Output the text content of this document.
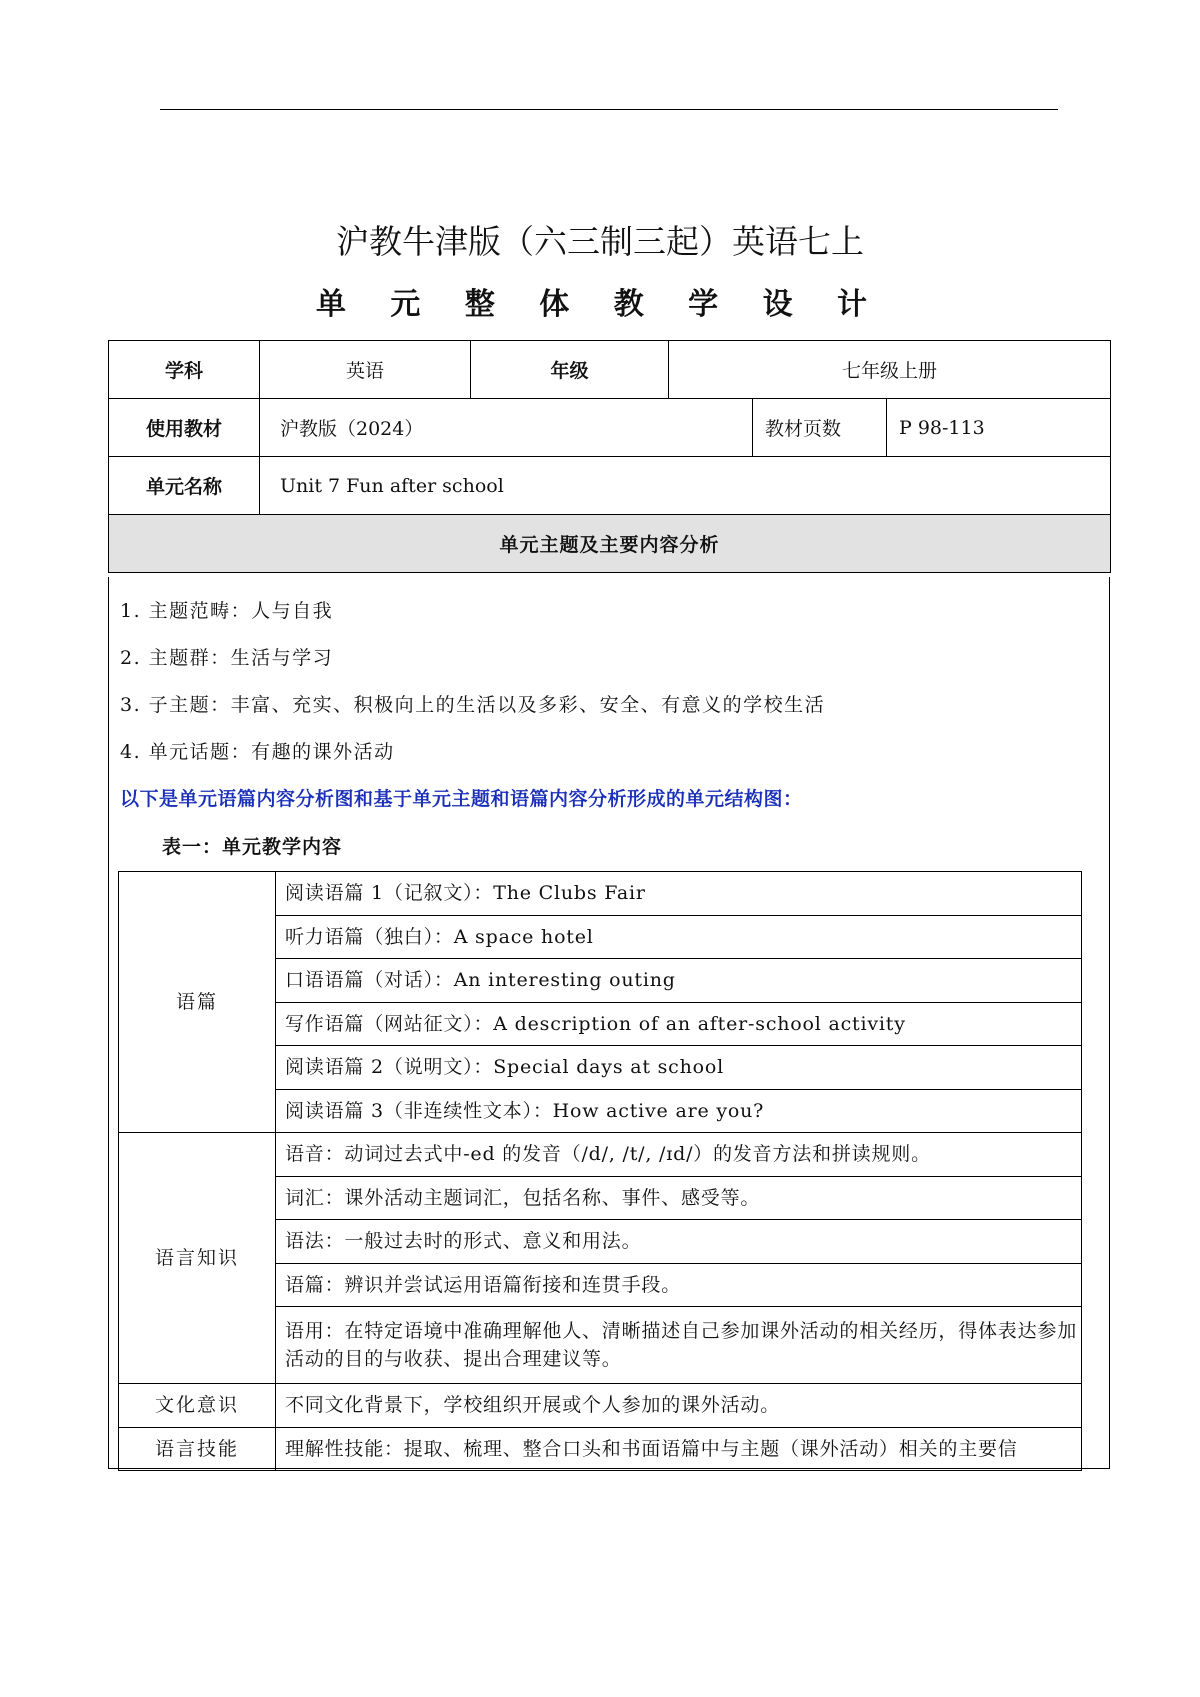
沪教牛津版（六三制三起）英语七上
单 元 整 体 教 学 设 计
学科	英语	年级	七年级上册		
使用教材	沪教版（2024）			教材页数	P 98-113
单元名称	Unit 7 Fun after school				
单元主题及主要内容分析					
1. 主题范畴：人与自我
2. 主题群：生活与学习
3. 子主题：丰富、充实、积极向上的生活以及多彩、安全、有意义的学校生活
4. 单元话题：有趣的课外活动
以下是单元语篇内容分析图和基于单元主题和语篇内容分析形成的单元结构图：
表一：单元教学内容
语篇	阅读语篇 1（记叙文）：The Clubs Fair
	听力语篇（独白）：A space hotel
	口语语篇（对话）：An interesting outing
	写作语篇（网站征文）：A description of an after-school activity
	阅读语篇 2（说明文）：Special days at school
	阅读语篇 3（非连续性文本）：How active are you?
语言知识	语音：动词过去式中-ed 的发音（/d/, /t/, /ɪd/）的发音方法和拼读规则。
	词汇：课外活动主题词汇，包括名称、事件、感受等。
	语法：一般过去时的形式、意义和用法。
	语篇：辨识并尝试运用语篇衔接和连贯手段。
	语用：在特定语境中准确理解他人、清晰描述自己参加课外活动的相关经历，得体表达参加活动的目的与收获、提出合理建议等。
文化意识	不同文化背景下，学校组织开展或个人参加的课外活动。
语言技能	理解性技能：提取、梳理、整合口头和书面语篇中与主题（课外活动）相关的主要信
